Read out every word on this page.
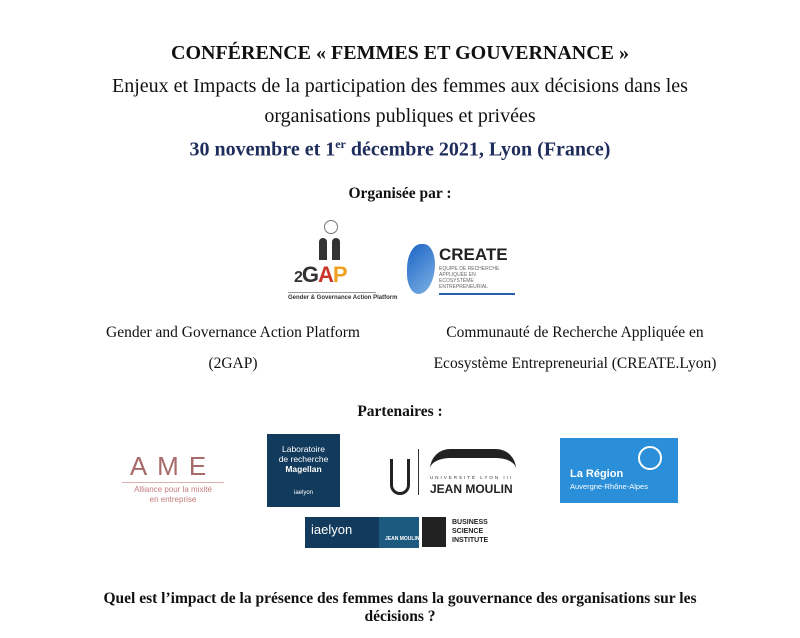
CONFÉRENCE « FEMMES ET GOUVERNANCE »
Enjeux et Impacts de la participation des femmes aux décisions dans les
organisations publiques et privées
30 novembre et 1er décembre 2021, Lyon (France)
Organisée par :
2GAP
Gender & Governance Action Platform
CREATE
EQUIPE DE RECHERCHE APPLIQUÉE EN ECOSYSTÈME ENTREPRENEURIAL
Gender and Governance Action Platform
(2GAP)
Communauté de Recherche Appliquée en
Ecosystème Entrepreneurial (CREATE.Lyon)
Partenaires :
AME
Alliance pour la mixité
en entreprise
Laboratoire
de recherche
Magellan
iaelyon
UNIVERSITÉ LYON III
JEAN MOULIN
La Région
Auvergne-Rhône-Alpes
iaelyon
JEAN MOULIN
BUSINESS
SCIENCE
INSTITUTE
Quel est l’impact de la présence des femmes dans la gouvernance des organisations sur les
décisions ?
